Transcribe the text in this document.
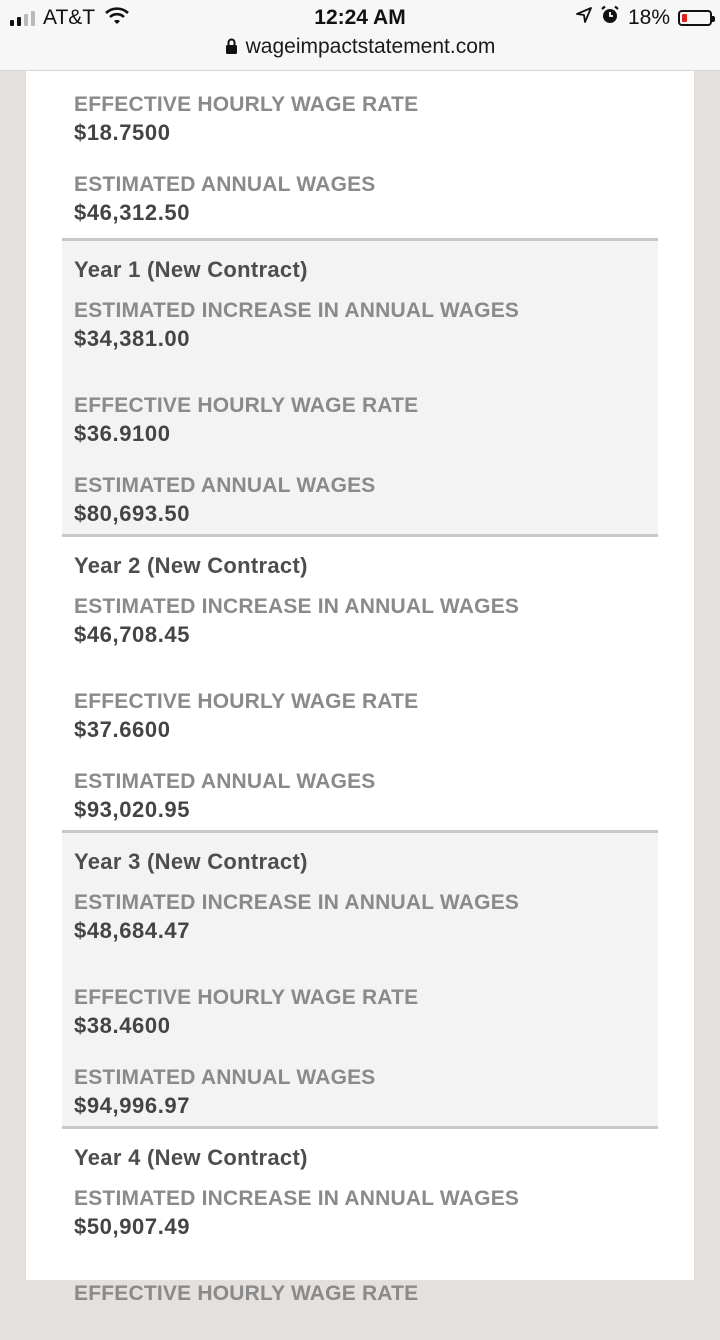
AT&T	12:24 AM	18%
wageimpactstatement.com
EFFECTIVE HOURLY WAGE RATE
$18.7500
ESTIMATED ANNUAL WAGES
$46,312.50
Year 1 (New Contract)
ESTIMATED INCREASE IN ANNUAL WAGES
$34,381.00
EFFECTIVE HOURLY WAGE RATE
$36.9100
ESTIMATED ANNUAL WAGES
$80,693.50
Year 2 (New Contract)
ESTIMATED INCREASE IN ANNUAL WAGES
$46,708.45
EFFECTIVE HOURLY WAGE RATE
$37.6600
ESTIMATED ANNUAL WAGES
$93,020.95
Year 3 (New Contract)
ESTIMATED INCREASE IN ANNUAL WAGES
$48,684.47
EFFECTIVE HOURLY WAGE RATE
$38.4600
ESTIMATED ANNUAL WAGES
$94,996.97
Year 4 (New Contract)
ESTIMATED INCREASE IN ANNUAL WAGES
$50,907.49
EFFECTIVE HOURLY WAGE RATE
